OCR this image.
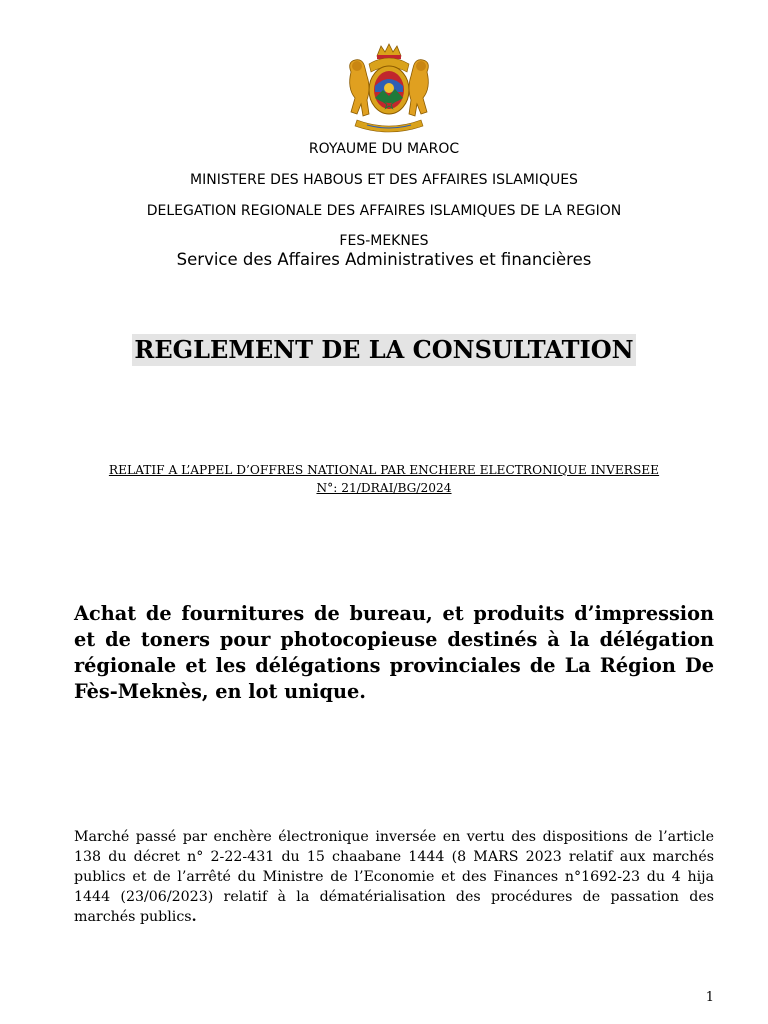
ROYAUME DU MAROC
MINISTERE DES HABOUS ET DES AFFAIRES ISLAMIQUES
DELEGATION REGIONALE DES AFFAIRES ISLAMIQUES DE LA REGION
FES-MEKNES
Service des Affaires Administratives et financières
REGLEMENT DE LA CONSULTATION
RELATIF A L’APPEL D’OFFRES NATIONAL PAR ENCHERE ELECTRONIQUE INVERSEE
N°: 21/DRAI/BG/2024
Achat de fournitures de bureau, et produits d’impression et de toners pour photocopieuse destinés à la délégation régionale et les délégations provinciales de La Région De Fès-Meknès, en lot unique.
Marché passé par enchère électronique inversée en vertu des dispositions de l’article 138 du décret n° 2-22-431 du 15 chaabane 1444 (8 MARS 2023 relatif aux marchés publics et de l’arrêté du Ministre de l’Economie et des Finances n°1692-23 du 4 hija 1444 (23/06/2023) relatif à la dématérialisation des procédures de passation des marchés publics.
1
